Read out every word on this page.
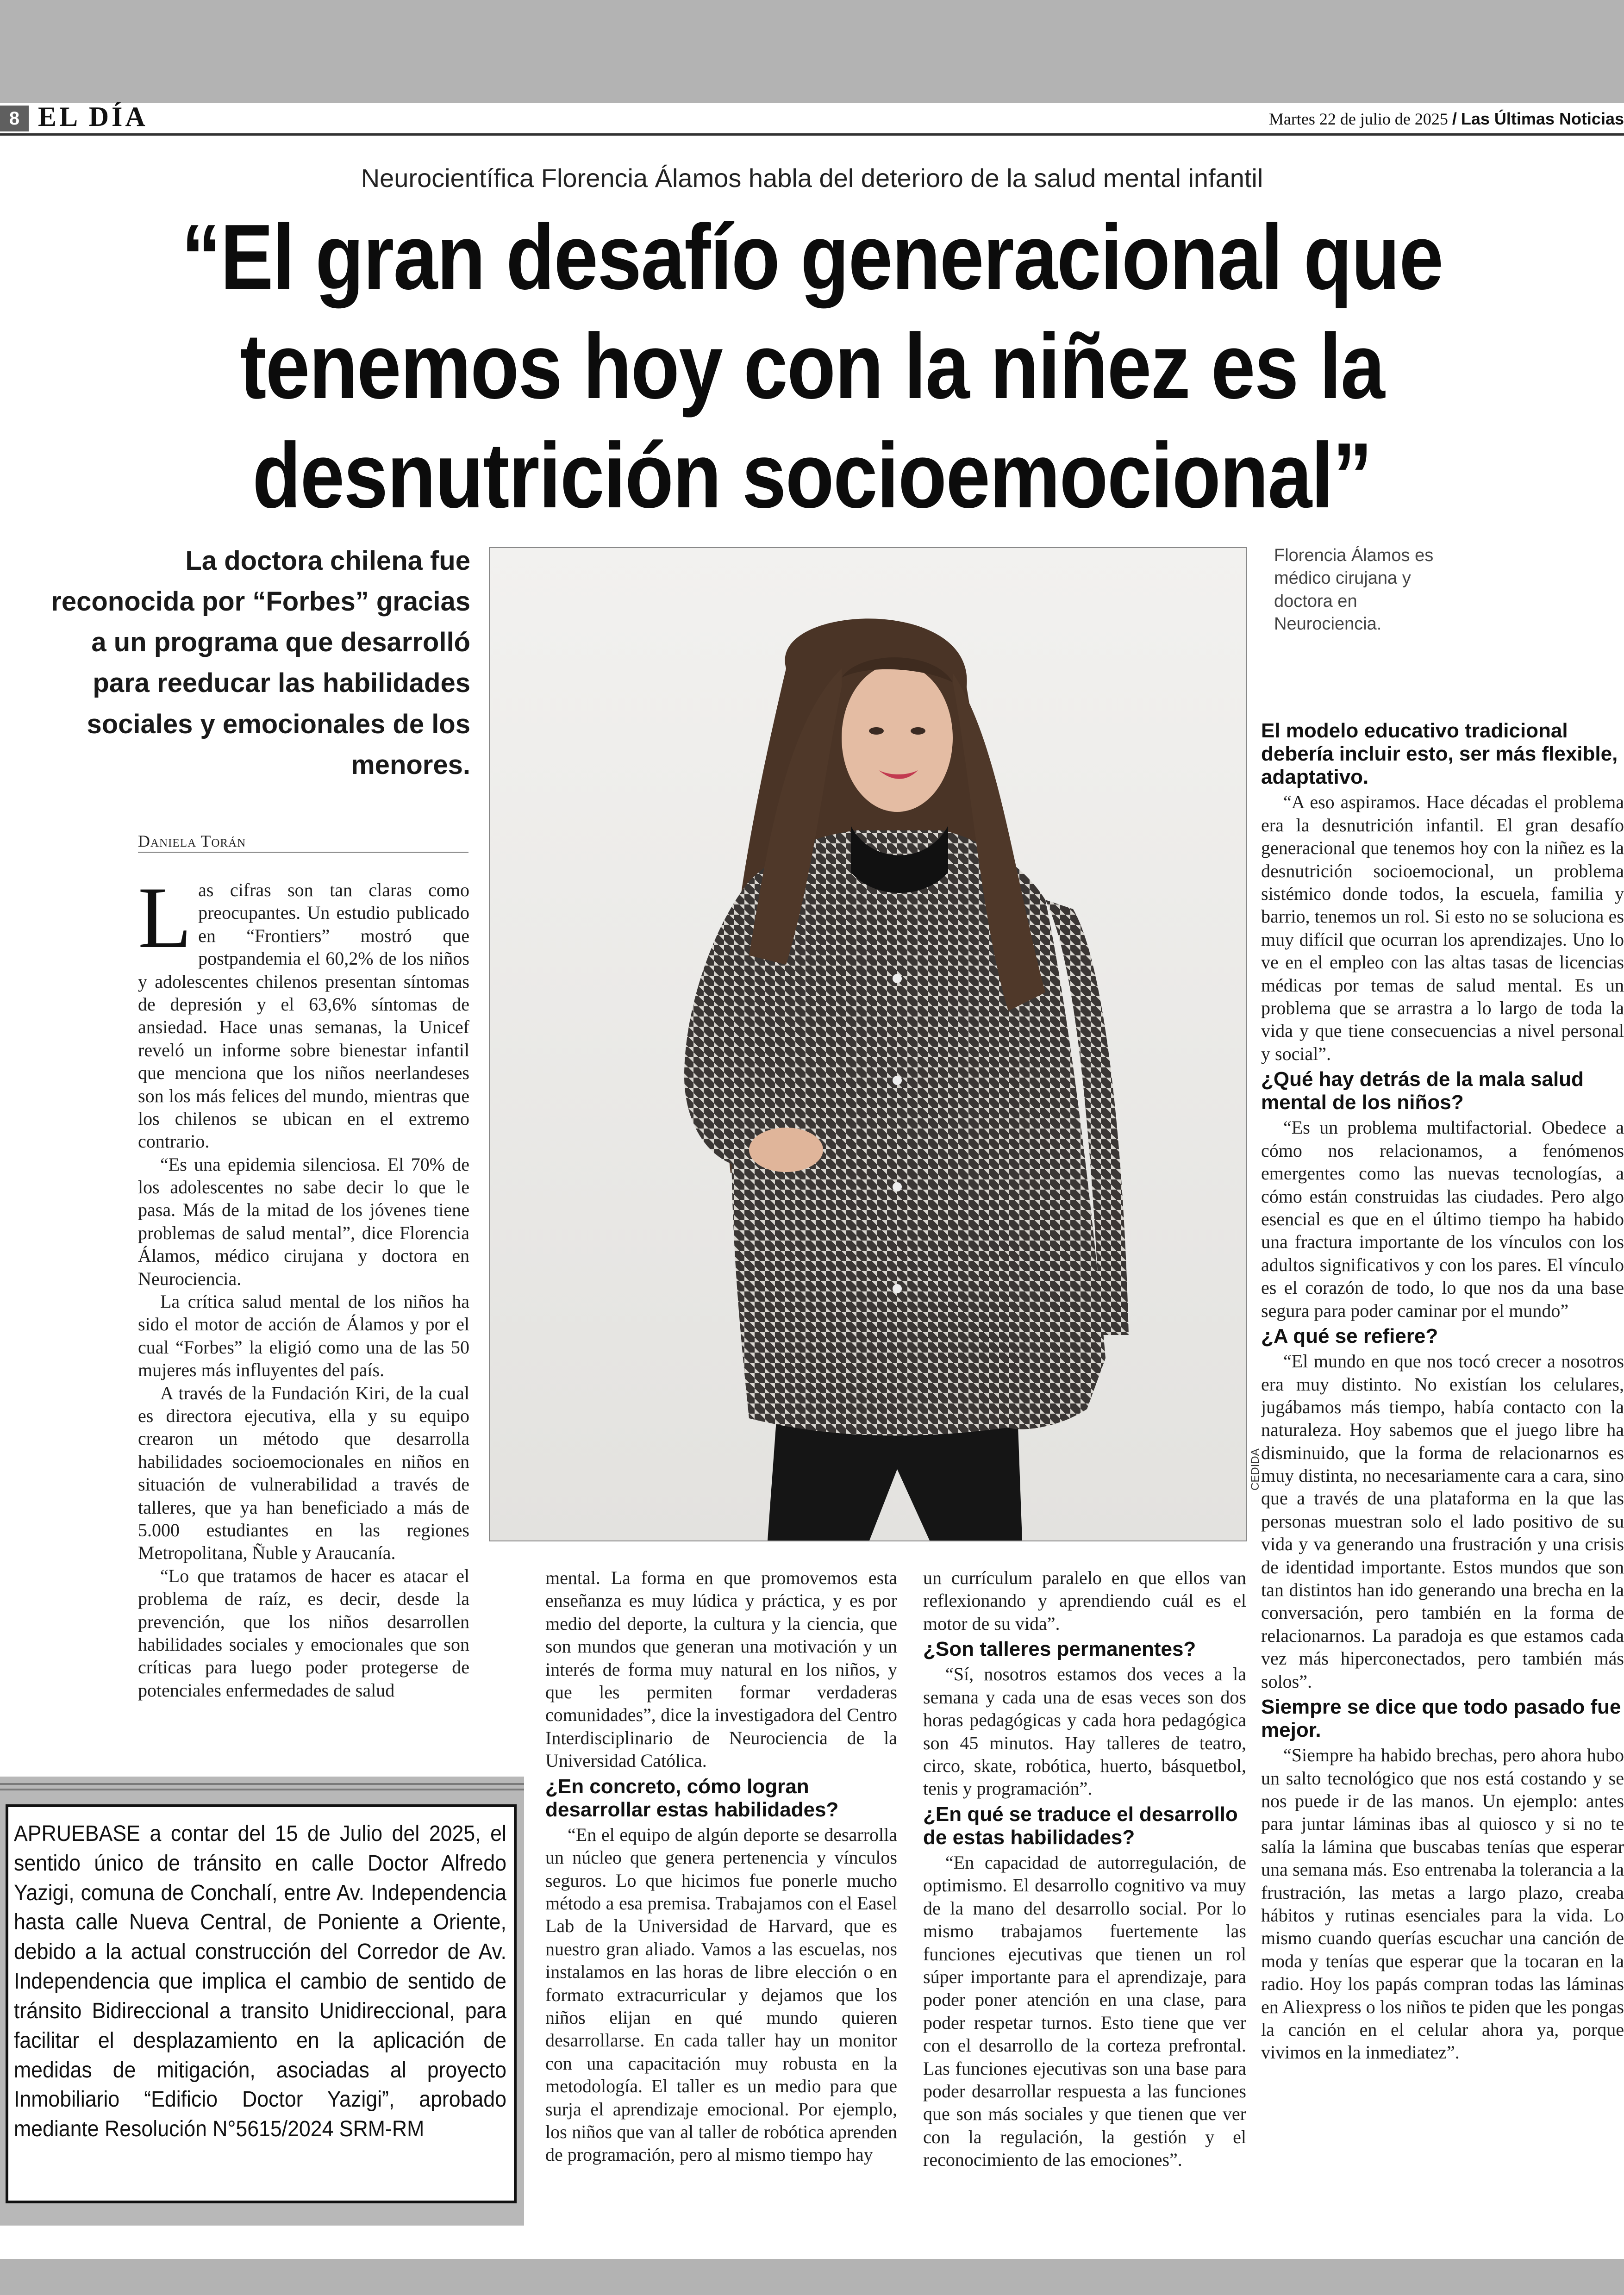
8 EL DÍA	Martes 22 de julio de 2025 / Las Últimas Noticias
Neurocientífica Florencia Álamos habla del deterioro de la salud mental infantil
“El gran desafío generacional que
tenemos hoy con la niñez es la
desnutrición socioemocional”
La doctora chilena fue reconocida por “Forbes” gracias a un programa que desarrolló para reeducar las habilidades sociales y emocionales de los menores.
CEDIDA
Florencia Álamos es médico cirujana y doctora en Neurociencia.
Daniela Torán

Las cifras son tan claras como preocupantes. Un estudio publicado en “Frontiers” mostró que postpandemia el 60,2% de los niños y adolescentes chilenos presentan síntomas de depresión y el 63,6% síntomas de ansiedad. Hace unas semanas, la Unicef reveló un informe sobre bienestar infantil que menciona que los niños neerlandeses son los más felices del mundo, mientras que los chilenos se ubican en el extremo contrario.

“Es una epidemia silenciosa. El 70% de los adolescentes no sabe decir lo que le pasa. Más de la mitad de los jóvenes tiene problemas de salud mental”, dice Florencia Álamos, médico cirujana y doctora en Neurociencia.

La crítica salud mental de los niños ha sido el motor de acción de Álamos y por el cual “Forbes” la eligió como una de las 50 mujeres más influyentes del país.

A través de la Fundación Kiri, de la cual es directora ejecutiva, ella y su equipo crearon un método que desarrolla habilidades socioemocionales en niños en situación de vulnerabilidad a través de talleres, que ya han beneficiado a más de 5.000 estudiantes en las regiones Metropolitana, Ñuble y Araucanía.

“Lo que tratamos de hacer es atacar el problema de raíz, es decir, desde la prevención, que los niños desarrollen habilidades sociales y emocionales que son críticas para luego poder protegerse de potenciales enfermedades de salud

mental. La forma en que promovemos esta enseñanza es muy lúdica y práctica, y es por medio del deporte, la cultura y la ciencia, que son mundos que generan una motivación y un interés de forma muy natural en los niños, y que les permiten formar verdaderas comunidades”, dice la investigadora del Centro Interdisciplinario de Neurociencia de la Universidad Católica.

¿En concreto, cómo logran desarrollar estas habilidades?

“En el equipo de algún deporte se desarrolla un núcleo que genera pertenencia y vínculos seguros. Lo que hicimos fue ponerle mucho método a esa premisa. Trabajamos con el Easel Lab de la Universidad de Harvard, que es nuestro gran aliado. Vamos a las escuelas, nos instalamos en las horas de libre elección o en formato extracurricular y dejamos que los niños elijan en qué mundo quieren desarrollarse. En cada taller hay un monitor con una capacitación muy robusta en la metodología. El taller es un medio para que surja el aprendizaje emocional. Por ejemplo, los niños que van al taller de robótica aprenden de programación, pero al mismo tiempo hay

un currículum paralelo en que ellos van reflexionando y aprendiendo cuál es el motor de su vida”.

¿Son talleres permanentes?

“Sí, nosotros estamos dos veces a la semana y cada una de esas veces son dos horas pedagógicas y cada hora pedagógica son 45 minutos. Hay talleres de teatro, circo, skate, robótica, huerto, básquetbol, tenis y programación”.

¿En qué se traduce el desarrollo de estas habilidades?

“En capacidad de autorregulación, de optimismo. El desarrollo cognitivo va muy de la mano del desarrollo social. Por lo mismo trabajamos fuertemente las funciones ejecutivas que tienen un rol súper importante para el aprendizaje, para poder poner atención en una clase, para poder respetar turnos. Esto tiene que ver con el desarrollo de la corteza prefrontal. Las funciones ejecutivas son una base para poder desarrollar respuesta a las funciones que son más sociales y que tienen que ver con la regulación, la gestión y el reconocimiento de las emociones”.

El modelo educativo tradicional debería incluir esto, ser más flexible, adaptativo.

“A eso aspiramos. Hace décadas el problema era la desnutrición infantil. El gran desafío generacional que tenemos hoy con la niñez es la desnutrición socioemocional, un problema sistémico donde todos, la escuela, familia y barrio, tenemos un rol. Si esto no se soluciona es muy difícil que ocurran los aprendizajes. Uno lo ve en el empleo con las altas tasas de licencias médicas por temas de salud mental. Es un problema que se arrastra a lo largo de toda la vida y que tiene consecuencias a nivel personal y social”.

¿Qué hay detrás de la mala salud mental de los niños?

“Es un problema multifactorial. Obedece a cómo nos relacionamos, a fenómenos emergentes como las nuevas tecnologías, a cómo están construidas las ciudades. Pero algo esencial es que en el último tiempo ha habido una fractura importante de los vínculos con los adultos significativos y con los pares. El vínculo es el corazón de todo, lo que nos da una base segura para poder caminar por el mundo”

¿A qué se refiere?

“El mundo en que nos tocó crecer a nosotros era muy distinto. No existían los celulares, jugábamos más tiempo, había contacto con la naturaleza. Hoy sabemos que el juego libre ha disminuido, que la forma de relacionarnos es muy distinta, no necesariamente cara a cara, sino que a través de una plataforma en la que las personas muestran solo el lado positivo de su vida y va generando una frustración y una crisis de identidad importante. Estos mundos que son tan distintos han ido generando una brecha en la conversación, pero también en la forma de relacionarnos. La paradoja es que estamos cada vez más hiperconectados, pero también más solos”.

Siempre se dice que todo pasado fue mejor.

“Siempre ha habido brechas, pero ahora hubo un salto tecnológico que nos está costando y se nos puede ir de las manos. Un ejemplo: antes para juntar láminas ibas al quiosco y si no te salía la lámina que buscabas tenías que esperar una semana más. Eso entrenaba la tolerancia a la frustración, las metas a largo plazo, creaba hábitos y rutinas esenciales para la vida. Lo mismo cuando querías escuchar una canción de moda y tenías que esperar que la tocaran en la radio. Hoy los papás compran todas las láminas en Aliexpress o los niños te piden que les pongas la canción en el celular ahora ya, porque vivimos en la inmediatez”.

APRUEBASE a contar del 15 de Julio del 2025, el sentido único de tránsito en calle Doctor Alfredo Yazigi, comuna de Conchalí, entre Av. Independencia hasta calle Nueva Central, de Poniente a Oriente, debido a la actual construcción del Corredor de Av. Independencia que implica el cambio de sentido de tránsito Bidireccional a transito Unidireccional, para facilitar el desplazamiento en la aplicación de medidas de mitigación, asociadas al proyecto Inmobiliario “Edificio Doctor Yazigi”, aprobado mediante Resolución N°5615/2024 SRM-RM
